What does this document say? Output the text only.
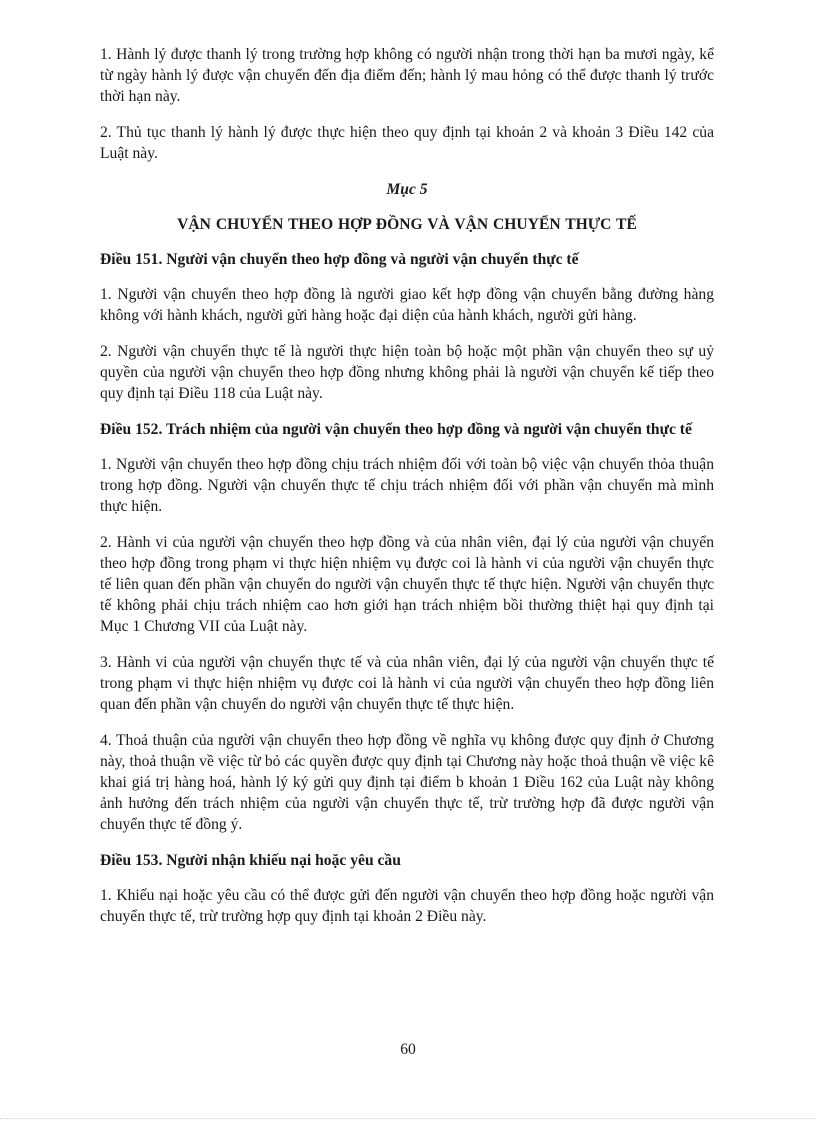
1. Hành lý được thanh lý trong trường hợp không có người nhận trong thời hạn ba mươi ngày, kể từ ngày hành lý được vận chuyển đến địa điểm đến; hành lý mau hỏng có thể được thanh lý trước thời hạn này.

2. Thủ tục thanh lý hành lý được thực hiện theo quy định tại khoản 2 và khoản 3 Điều 142 của Luật này.

Mục 5
VẬN CHUYỂN THEO HỢP ĐỒNG VÀ VẬN CHUYỂN THỰC TẾ
Điều 151. Người vận chuyển theo hợp đồng và người vận chuyển thực tế

1. Người vận chuyển theo hợp đồng là người giao kết hợp đồng vận chuyển bằng đường hàng không với hành khách, người gửi hàng hoặc đại diện của hành khách, người gửi hàng.

2. Người vận chuyển thực tế là người thực hiện toàn bộ hoặc một phần vận chuyển theo sự uỷ quyền của người vận chuyển theo hợp đồng nhưng không phải là người vận chuyển kế tiếp theo quy định tại Điều 118 của Luật này.

Điều 152. Trách nhiệm của người vận chuyển theo hợp đồng và người vận chuyển thực tế

1. Người vận chuyển theo hợp đồng chịu trách nhiệm đối với toàn bộ việc vận chuyển thỏa thuận trong hợp đồng. Người vận chuyển thực tế chịu trách nhiệm đối với phần vận chuyển mà mình thực hiện.

2. Hành vi của người vận chuyển theo hợp đồng và của nhân viên, đại lý của người vận chuyển theo hợp đồng trong phạm vi thực hiện nhiệm vụ được coi là hành vi của người vận chuyển thực tế liên quan đến phần vận chuyển do người vận chuyển thực tế thực hiện. Người vận chuyển thực tế không phải chịu trách nhiệm cao hơn giới hạn trách nhiệm bồi thường thiệt hại quy định tại Mục 1 Chương VII của Luật này.

3. Hành vi của người vận chuyển thực tế và của nhân viên, đại lý của người vận chuyển thực tế trong phạm vi thực hiện nhiệm vụ được coi là hành vi của người vận chuyển theo hợp đồng liên quan đến phần vận chuyển do người vận chuyển thực tế thực hiện.

4. Thoả thuận của người vận chuyển theo hợp đồng về nghĩa vụ không được quy định ở Chương này, thoả thuận về việc từ bỏ các quyền được quy định tại Chương này hoặc thoả thuận về việc kê khai giá trị hàng hoá, hành lý ký gửi quy định tại điểm b khoản 1 Điều 162 của Luật này không ảnh hưởng đến trách nhiệm của người vận chuyển thực tế, trừ trường hợp đã được người vận chuyển thực tế đồng ý.

Điều 153. Người nhận khiếu nại hoặc yêu cầu

1. Khiếu nại hoặc yêu cầu có thể được gửi đến người vận chuyển theo hợp đồng hoặc người vận chuyển thực tế, trừ trường hợp quy định tại khoản 2 Điều này.

60
